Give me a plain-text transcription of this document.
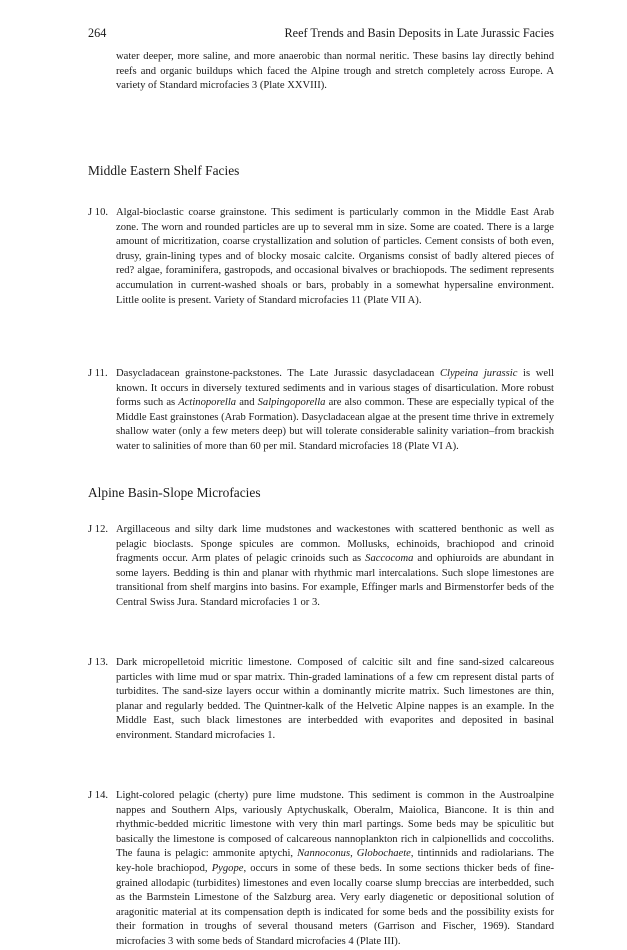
264	Reef Trends and Basin Deposits in Late Jurassic Facies

water deeper, more saline, and more anaerobic than normal neritic. These basins lay directly behind reefs and organic buildups which faced the Alpine trough and stretch completely across Europe. A variety of Standard microfacies 3 (Plate XXVIII).

Middle Eastern Shelf Facies
J 10. Algal-bioclastic coarse grainstone. This sediment is particularly common in the Middle East Arab zone. The worn and rounded particles are up to several mm in size. Some are coated. There is a large amount of micritization, coarse crystallization and solution of particles. Cement consists of both even, drusy, grain-lining types and of blocky mosaic calcite. Organisms consist of badly altered pieces of red? algae, foraminifera, gastropods, and occasional bivalves or brachiopods. The sediment represents accumulation in current-washed shoals or bars, probably in a somewhat hypersaline environment. Little oolite is present. Variety of Standard microfacies 11 (Plate VII A).
J 11. Dasycladacean grainstone-packstones. The Late Jurassic dasycladacean Clypeina jurassic is well known. It occurs in diversely textured sediments and in various stages of disarticulation. More robust forms such as Actinoporella and Salpingoporella are also common. These are especially typical of the Middle East grainstones (Arab Formation). Dasycladacean algae at the present time thrive in extremely shallow water (only a few meters deep) but will tolerate considerable salinity variation–from brackish water to salinities of more than 60 per mil. Standard microfacies 18 (Plate VI A).
Alpine Basin-Slope Microfacies
J 12. Argillaceous and silty dark lime mudstones and wackestones with scattered benthonic as well as pelagic bioclasts. Sponge spicules are common. Mollusks, echinoids, brachiopod and crinoid fragments occur. Arm plates of pelagic crinoids such as Saccocoma and ophiuroids are abundant in some layers. Bedding is thin and planar with rhythmic marl intercalations. Such slope limestones are transitional from shelf margins into basins. For example, Effinger marls and Birmenstorfer beds of the Central Swiss Jura. Standard microfacies 1 or 3.
J 13. Dark micropelletoid micritic limestone. Composed of calcitic silt and fine sand-sized calcareous particles with lime mud or spar matrix. Thin-graded laminations of a few cm represent distal parts of turbidites. The sand-size layers occur within a dominantly micrite matrix. Such limestones are thin, planar and regularly bedded. The Quintner-kalk of the Helvetic Alpine nappes is an example. In the Middle East, such black limestones are interbedded with evaporites and deposited in basinal environment. Standard microfacies 1.
J 14. Light-colored pelagic (cherty) pure lime mudstone. This sediment is common in the Austroalpine nappes and Southern Alps, variously Aptychuskalk, Oberalm, Maiolica, Biancone. It is thin and rhythmic-bedded micritic limestone with very thin marl partings. Some beds may be spiculitic but basically the limestone is composed of calcareous nannoplankton rich in calpionellids and coccoliths. The fauna is pelagic: ammonite aptychi, Nannoconus, Globochaete, tintinnids and radiolarians. The key-hole brachiopod, Pygope, occurs in some of these beds. In some sections thicker beds of fine-grained allodapic (turbidites) limestones and even locally coarse slump breccias are interbedded, such as the Barmstein Limestone of the Salzburg area. Very early diagenetic or depositional solution of aragonitic material at its compensation depth is indicated for some beds and the possibility exists for their formation in troughs of several thousand meters (Garrison and Fischer, 1969). Standard microfacies 3 with some beds of Standard microfacies 4 (Plate III).
